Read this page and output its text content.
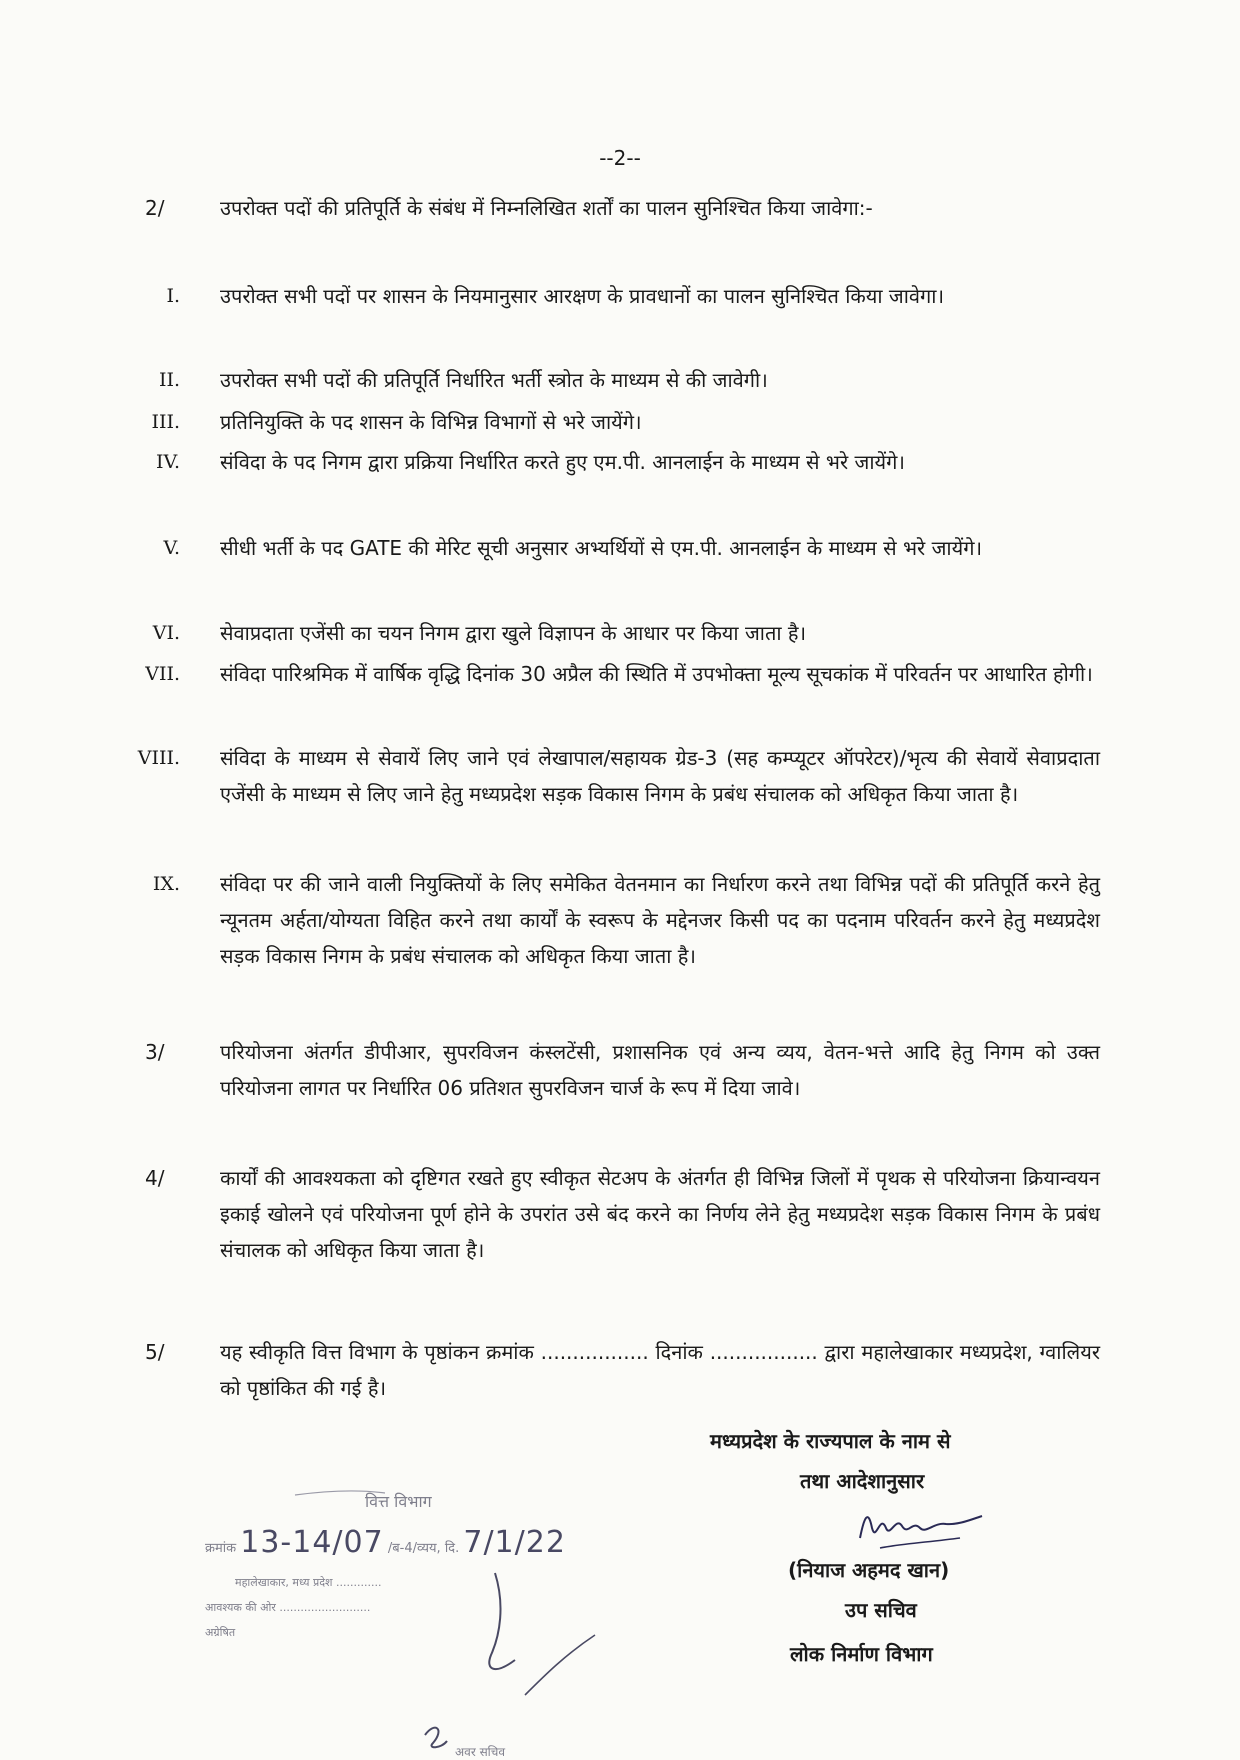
--2--
2/	उपरोक्त पदों की प्रतिपूर्ति के संबंध में निम्नलिखित शर्तों का पालन सुनिश्चित किया जावेगा:-
I. उपरोक्त सभी पदों पर शासन के नियमानुसार आरक्षण के प्रावधानों का पालन सुनिश्चित किया जावेगा।
II. उपरोक्त सभी पदों की प्रतिपूर्ति निर्धारित भर्ती स्त्रोत के माध्यम से की जावेगी।
III. प्रतिनियुक्ति के पद शासन के विभिन्न विभागों से भरे जायेंगे।
IV. संविदा के पद निगम द्वारा प्रक्रिया निर्धारित करते हुए एम.पी. आनलाईन के माध्यम से भरे जायेंगे।
V. सीधी भर्ती के पद GATE की मेरिट सूची अनुसार अभ्यर्थियों से एम.पी. आनलाईन के माध्यम से भरे जायेंगे।
VI. सेवाप्रदाता एजेंसी का चयन निगम द्वारा खुले विज्ञापन के आधार पर किया जाता है।
VII. संविदा पारिश्रमिक में वार्षिक वृद्धि दिनांक 30 अप्रैल की स्थिति में उपभोक्ता मूल्य सूचकांक में परिवर्तन पर आधारित होगी।
VIII. संविदा के माध्यम से सेवायें लिए जाने एवं लेखापाल/सहायक ग्रेड-3 (सह कम्प्यूटर ऑपरेटर)/भृत्य की सेवायें सेवाप्रदाता एजेंसी के माध्यम से लिए जाने हेतु मध्यप्रदेश सड़क विकास निगम के प्रबंध संचालक को अधिकृत किया जाता है।
IX. संविदा पर की जाने वाली नियुक्तियों के लिए समेकित वेतनमान का निर्धारण करने तथा विभिन्न पदों की प्रतिपूर्ति करने हेतु न्यूनतम अर्हता/योग्यता विहित करने तथा कार्यों के स्वरूप के मद्देनजर किसी पद का पदनाम परिवर्तन करने हेतु मध्यप्रदेश सड़क विकास निगम के प्रबंध संचालक को अधिकृत किया जाता है।
3/	परियोजना अंतर्गत डीपीआर, सुपरविजन कंस्लटेंसी, प्रशासनिक एवं अन्य व्यय, वेतन-भत्ते आदि हेतु निगम को उक्त परियोजना लागत पर निर्धारित 06 प्रतिशत सुपरविजन चार्ज के रूप में दिया जावे।
4/	कार्यों की आवश्यकता को दृष्टिगत रखते हुए स्वीकृत सेटअप के अंतर्गत ही विभिन्न जिलों में पृथक से परियोजना क्रियान्वयन इकाई खोलने एवं परियोजना पूर्ण होने के उपरांत उसे बंद करने का निर्णय लेने हेतु मध्यप्रदेश सड़क विकास निगम के प्रबंध संचालक को अधिकृत किया जाता है।
5/	यह स्वीकृति वित्त विभाग के पृष्ठांकन क्रमांक ................. दिनांक ................. द्वारा महालेखाकार मध्यप्रदेश, ग्वालियर को पृष्ठांकित की गई है।
मध्यप्रदेश के राज्यपाल के नाम से
तथा आदेशानुसार
(नियाज अहमद खान)
उप सचिव
लोक निर्माण विभाग
वित्त विभाग
क्रमांक 13-14/07 /ब-4/व्यय, दि. 7/1/22
महालेखाकार, मध्य प्रदेश .............
आवश्यक की ओर ..........................
अग्रेषित
अवर सचिव
